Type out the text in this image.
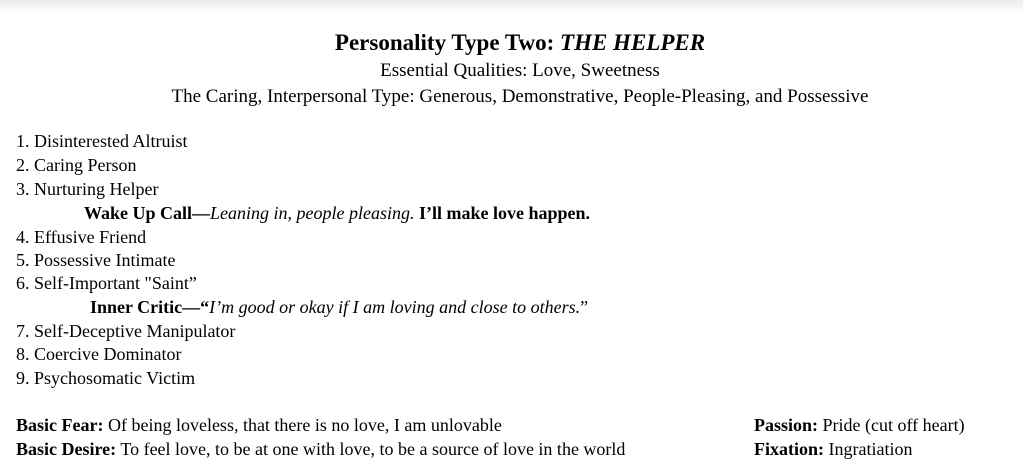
Personality Type Two: THE HELPER
Essential Qualities: Love, Sweetness
The Caring, Interpersonal Type: Generous, Demonstrative, People-Pleasing, and Possessive
1. Disinterested Altruist
2. Caring Person
3. Nurturing Helper
Wake Up Call—Leaning in, people pleasing. I’ll make love happen.
4. Effusive Friend
5. Possessive Intimate
6. Self-Important "Saint”
Inner Critic—“I’m good or okay if I am loving and close to others.”
7. Self-Deceptive Manipulator
8. Coercive Dominator
9. Psychosomatic Victim
Basic Fear: Of being loveless, that there is no love, I am unlovable
Basic Desire: To feel love, to be at one with love, to be a source of love in the world
Passion: Pride (cut off heart)
Fixation: Ingratiation
